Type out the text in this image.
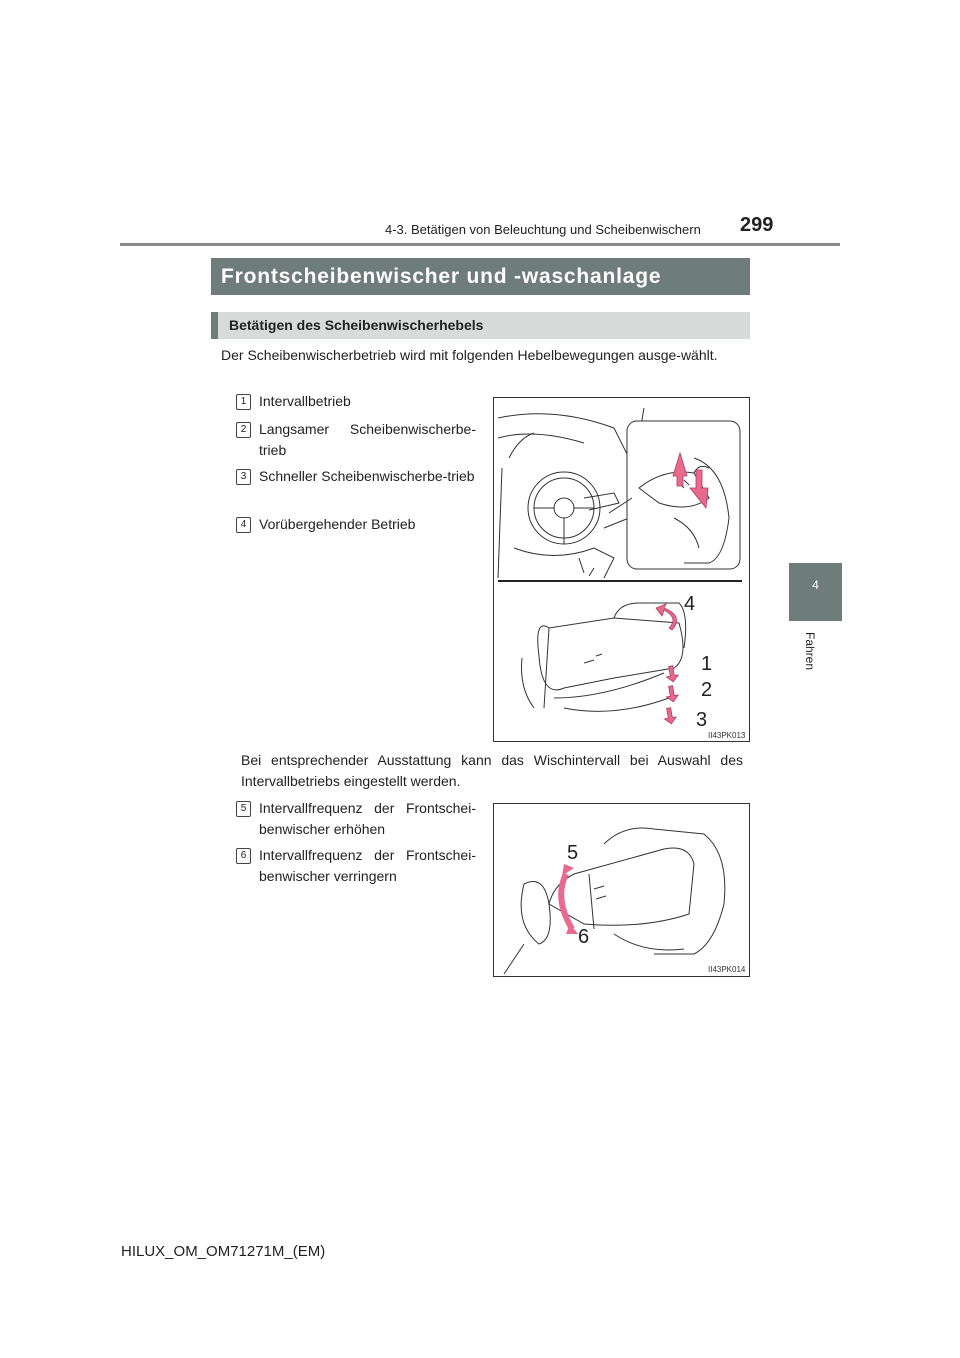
4-3. Betätigen von Beleuchtung und Scheibenwischern 299
4
Fahren
Frontscheibenwischer und -waschanlage
Betätigen des Scheibenwischerhebels
Der Scheibenwischerbetrieb wird mit folgenden Hebelbewegungen ausge-wählt.
1 Intervallbetrieb
2 Langsamer Scheibenwischerbe-trieb
3 Schneller Scheibenwischerbe-trieb
4 Vorübergehender Betrieb
4
1
2
3
II43PK013
Bei entsprechender Ausstattung kann das Wischintervall bei Auswahl des Intervallbetriebs eingestellt werden.
5 Intervallfrequenz der Frontschei-benwischer erhöhen
6 Intervallfrequenz der Frontschei-benwischer verringern
5
6
II43PK014
HILUX_OM_OM71271M_(EM)
